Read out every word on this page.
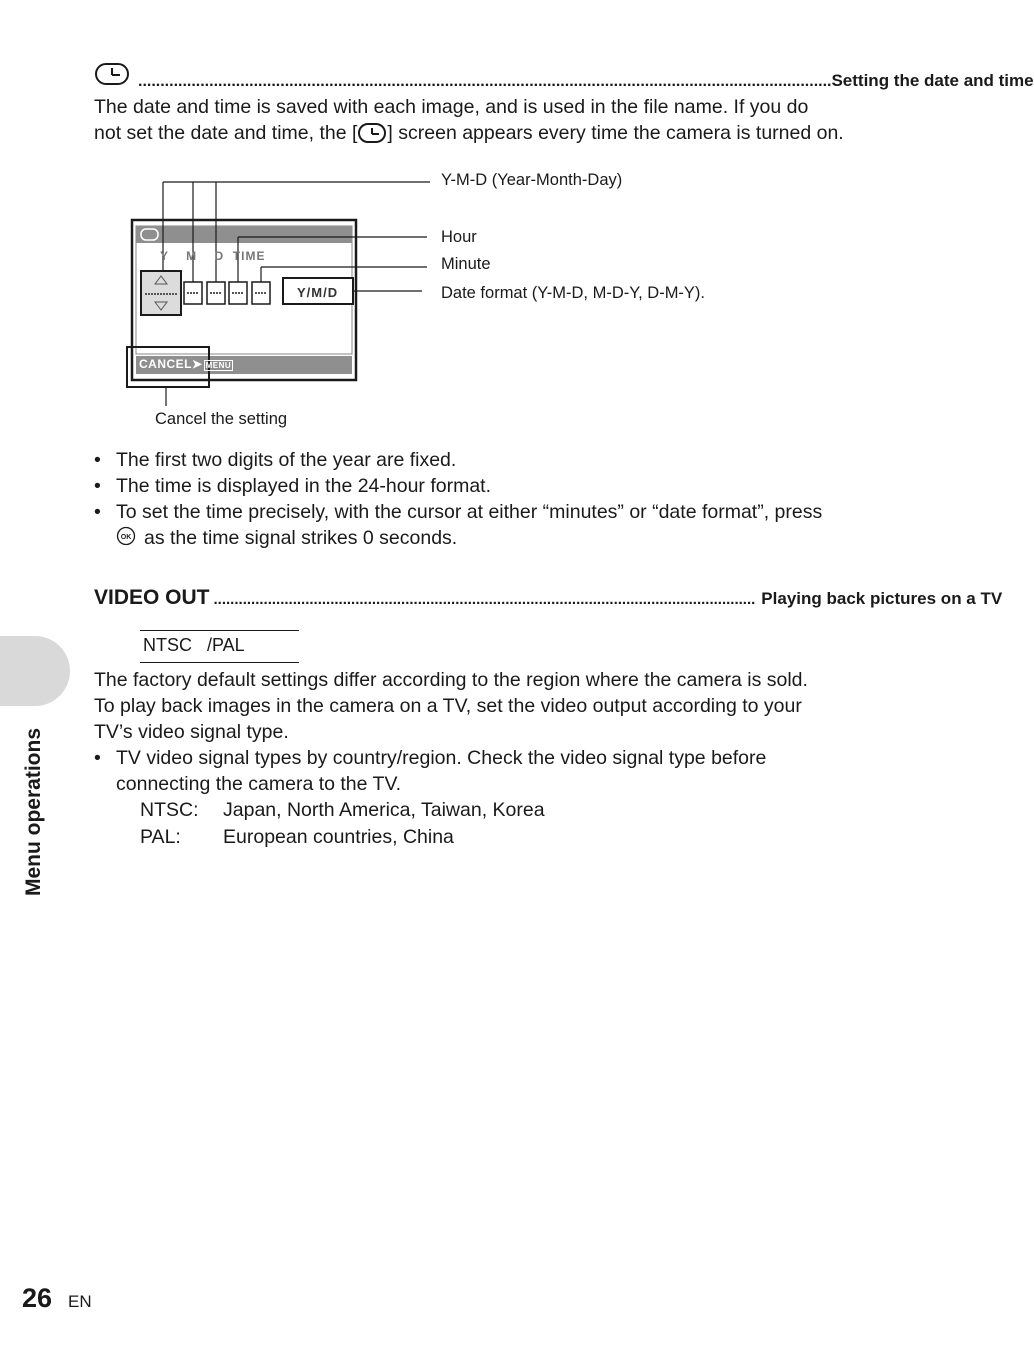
............................................................................................................................................................ Setting the date and time
The date and time is saved with each image, and is used in the file name. If you do
not set the date and time, the [ ] screen appears every time the camera is turned on.
Y    M    D  TIME
Y/M/D
CANCEL➤ MENU
Y-M-D (Year-Month-Day)
Hour
Minute
Date format (Y-M-D, M-D-Y, D-M-Y).
Cancel the setting
• The first two digits of the year are fixed.
• The time is displayed in the 24-hour format.
• To set the time precisely, with the cursor at either “minutes” or “date format”, press
OK as the time signal strikes 0 seconds.
VIDEO OUT .................................................................................................................................. Playing back pictures on a TV
NTSC   /PAL
The factory default settings differ according to the region where the camera is sold.
To play back images in the camera on a TV, set the video output according to your
TV’s video signal type.
• TV video signal types by country/region. Check the video signal type before
connecting the camera to the TV.
NTSC: Japan, North America, Taiwan, Korea
PAL: European countries, China
Menu operations
26 EN
